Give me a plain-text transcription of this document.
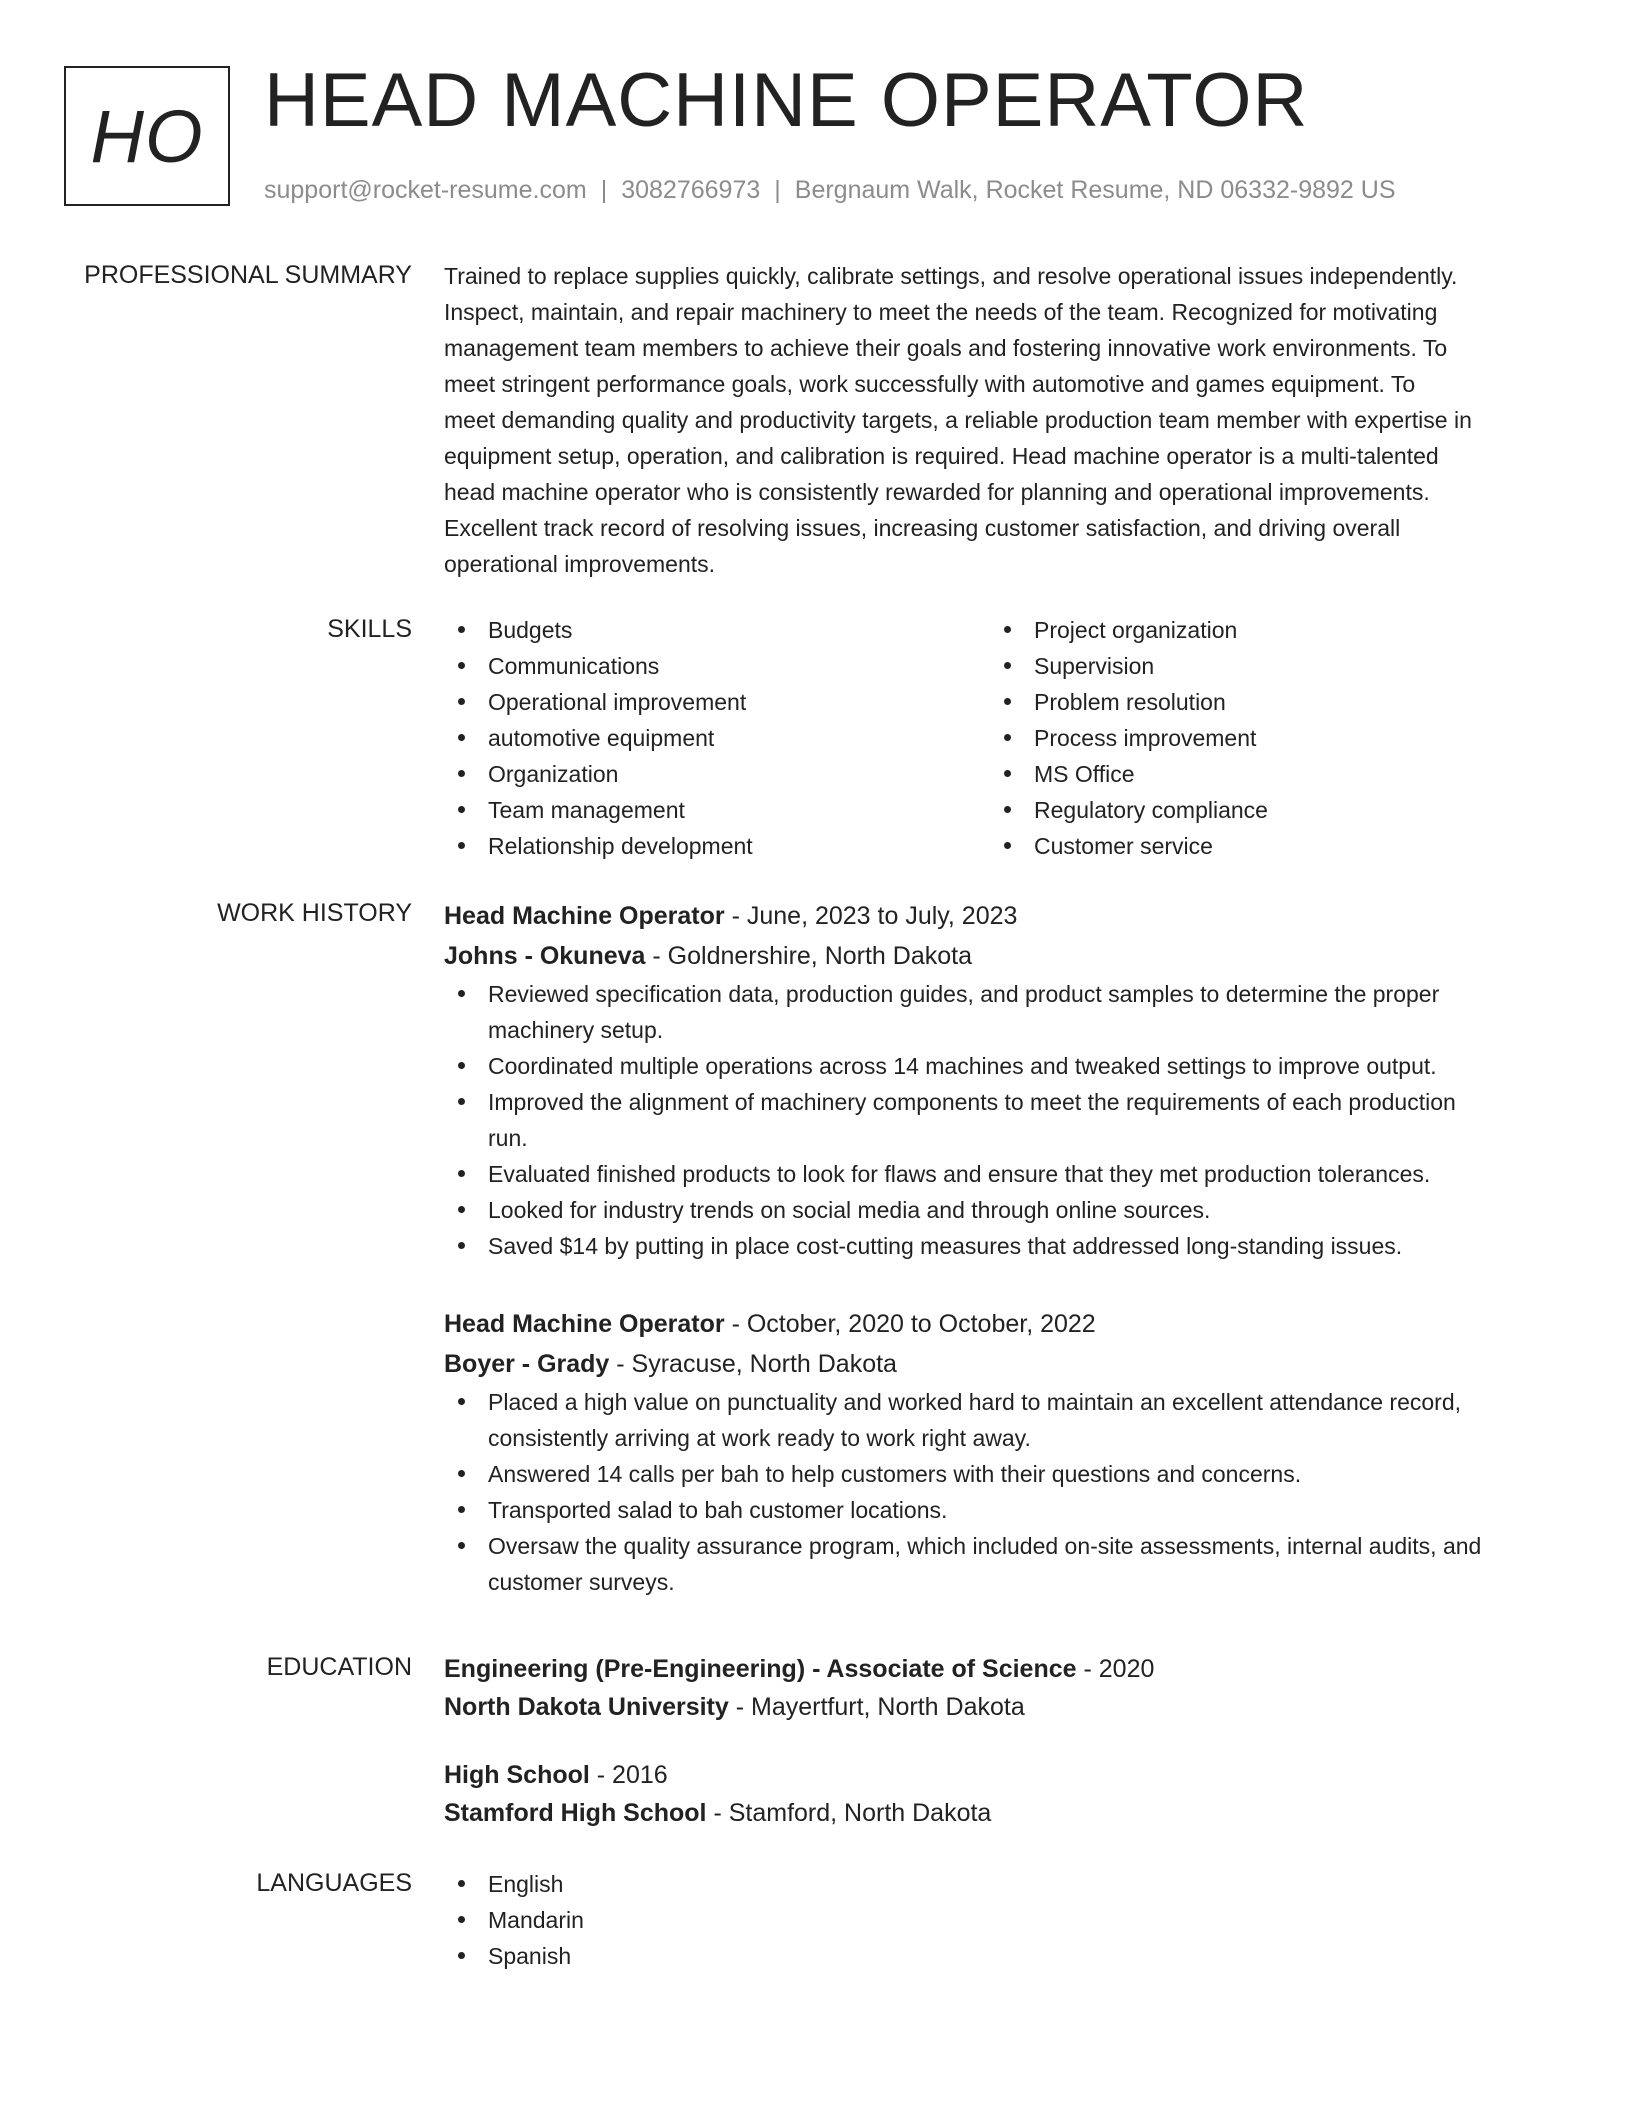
HO HEAD MACHINE OPERATOR
support@rocket-resume.com | 3082766973 | Bergnaum Walk, Rocket Resume, ND 06332-9892 US
PROFESSIONAL SUMMARY Trained to replace supplies quickly, calibrate settings, and resolve operational issues independently.
Inspect, maintain, and repair machinery to meet the needs of the team. Recognized for motivating
management team members to achieve their goals and fostering innovative work environments. To
meet stringent performance goals, work successfully with automotive and games equipment. To
meet demanding quality and productivity targets, a reliable production team member with expertise in
equipment setup, operation, and calibration is required. Head machine operator is a multi-talented
head machine operator who is consistently rewarded for planning and operational improvements.
Excellent track record of resolving issues, increasing customer satisfaction, and driving overall
operational improvements.
SKILLS	Budgets
Communications
Operational improvement
automotive equipment
Organization
Team management
Relationship development
Project organization
Supervision
Problem resolution
Process improvement
MS Office
Regulatory compliance
Customer service
WORK HISTORY Head Machine Operator - June, 2023 to July, 2023
Johns - Okuneva - Goldnershire, North Dakota
Reviewed specification data, production guides, and product samples to determine the proper
machinery setup.
Coordinated multiple operations across 14 machines and tweaked settings to improve output.
Improved the alignment of machinery components to meet the requirements of each production
run.
Evaluated finished products to look for flaws and ensure that they met production tolerances.
Looked for industry trends on social media and through online sources.
Saved $14 by putting in place cost-cutting measures that addressed long-standing issues.
Head Machine Operator - October, 2020 to October, 2022
Boyer - Grady - Syracuse, North Dakota
Placed a high value on punctuality and worked hard to maintain an excellent attendance record,
consistently arriving at work ready to work right away.
Answered 14 calls per bah to help customers with their questions and concerns.
Transported salad to bah customer locations.
Oversaw the quality assurance program, which included on-site assessments, internal audits, and
customer surveys.
EDUCATION Engineering (Pre-Engineering) - Associate of Science - 2020
North Dakota University - Mayertfurt, North Dakota
High School - 2016
Stamford High School - Stamford, North Dakota
LANGUAGES	English
Mandarin
Spanish
